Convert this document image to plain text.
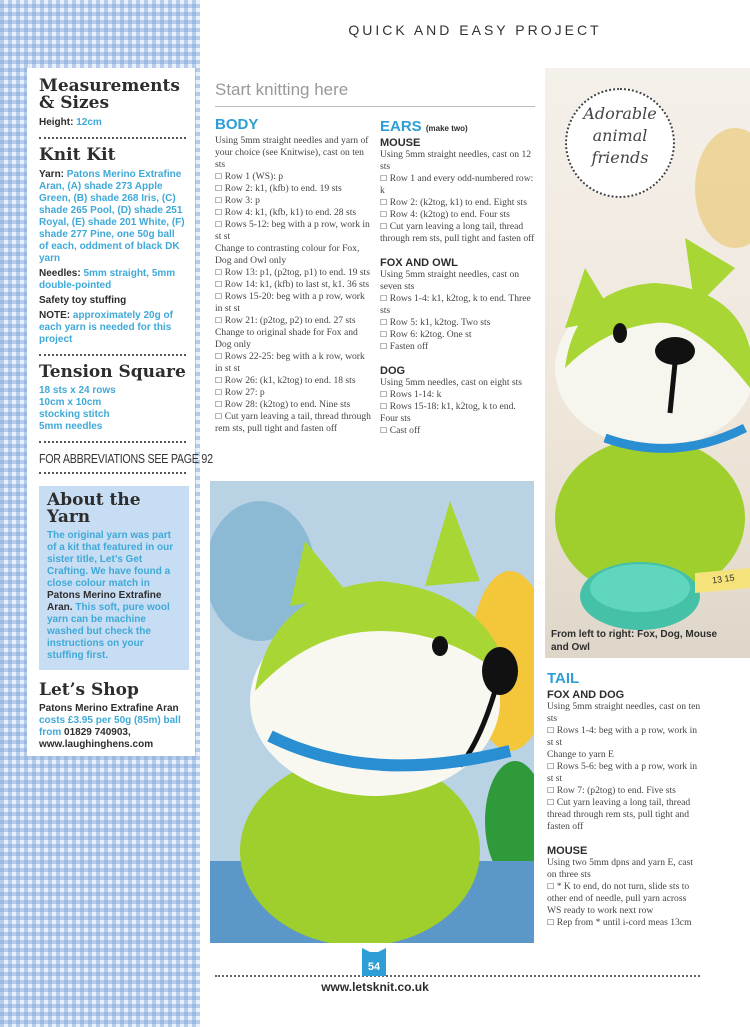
QUICK AND EASY PROJECT
Measurements
& Sizes
Height: 12cm
Knit Kit
Yarn: Patons Merino Extrafine Aran, (A) shade 273 Apple Green, (B) shade 268 Iris, (C) shade 265 Pool, (D) shade 251 Royal, (E) shade 201 White, (F) shade 277 Pine, one 50g ball of each, oddment of black DK yarn
Needles: 5mm straight, 5mm double-pointed
Safety toy stuffing
NOTE: approximately 20g of each yarn is needed for this project
Tension Square
18 sts x 24 rows
10cm x 10cm
stocking stitch
5mm needles
FOR ABBREVIATIONS SEE PAGE 92
About the Yarn
The original yarn was part of a kit that featured in our sister title, Let’s Get Crafting. We have found a close colour match in Patons Merino Extrafine Aran. This soft, pure wool yarn can be machine washed but check the instructions on your stuffing first.
Let’s Shop
Patons Merino Extrafine Aran costs £3.95 per 50g (85m) ball from 01829 740903, www.laughinghens.com
Start knitting here
BODY
Using 5mm straight needles and yarn of your choice (see Knitwise), cast on ten sts
☐ Row 1 (WS): p
☐ Row 2: k1, (kfb) to end. 19 sts
☐ Row 3: p
☐ Row 4: k1, (kfb, k1) to end. 28 sts
☐ Rows 5-12: beg with a p row, work in st st
Change to contrasting colour for Fox, Dog and Owl only
☐ Row 13: p1, (p2tog, p1) to end. 19 sts
☐ Row 14: k1, (kfb) to last st, k1. 36 sts
☐ Rows 15-20: beg with a p row, work in st st
☐ Row 21: (p2tog, p2) to end. 27 sts
Change to original shade for Fox and Dog only
☐ Rows 22-25: beg with a k row, work in st st
☐ Row 26: (k1, k2tog) to end. 18 sts
☐ Row 27: p
☐ Row 28: (k2tog) to end. Nine sts
☐ Cut yarn leaving a tail, thread through rem sts, pull tight and fasten off
EARS (make two)
MOUSE
Using 5mm straight needles, cast on 12 sts
☐ Row 1 and every odd-numbered row: k
☐ Row 2: (k2tog, k1) to end. Eight sts
☐ Row 4: (k2tog) to end. Four sts
☐ Cut yarn leaving a long tail, thread through rem sts, pull tight and fasten off
FOX AND OWL
Using 5mm straight needles, cast on seven sts
☐ Rows 1-4: k1, k2tog, k to end. Three sts
☐ Row 5: k1, k2tog. Two sts
☐ Row 6: k2tog. One st
☐ Fasten off
DOG
Using 5mm needles, cast on eight sts
☐ Rows 1-14: k
☐ Rows 15-18: k1, k2tog, k to end. Four sts
☐ Cast off
Adorable
animal
friends
13 15
From left to right: Fox, Dog, Mouse and Owl
TAIL
FOX AND DOG
Using 5mm straight needles, cast on ten sts
☐ Rows 1-4: beg with a p row, work in st st
Change to yarn E
☐ Rows 5-6: beg with a p row, work in st st
☐ Row 7: (p2tog) to end. Five sts
☐ Cut yarn leaving a long tail, thread thread through rem sts, pull tight and fasten off
MOUSE
Using two 5mm dpns and yarn E, cast on three sts
☐ * K to end, do not turn, slide sts to other end of needle, pull yarn across WS ready to work next row
☐ Rep from * until i-cord meas 13cm
54
www.letsknit.co.uk
